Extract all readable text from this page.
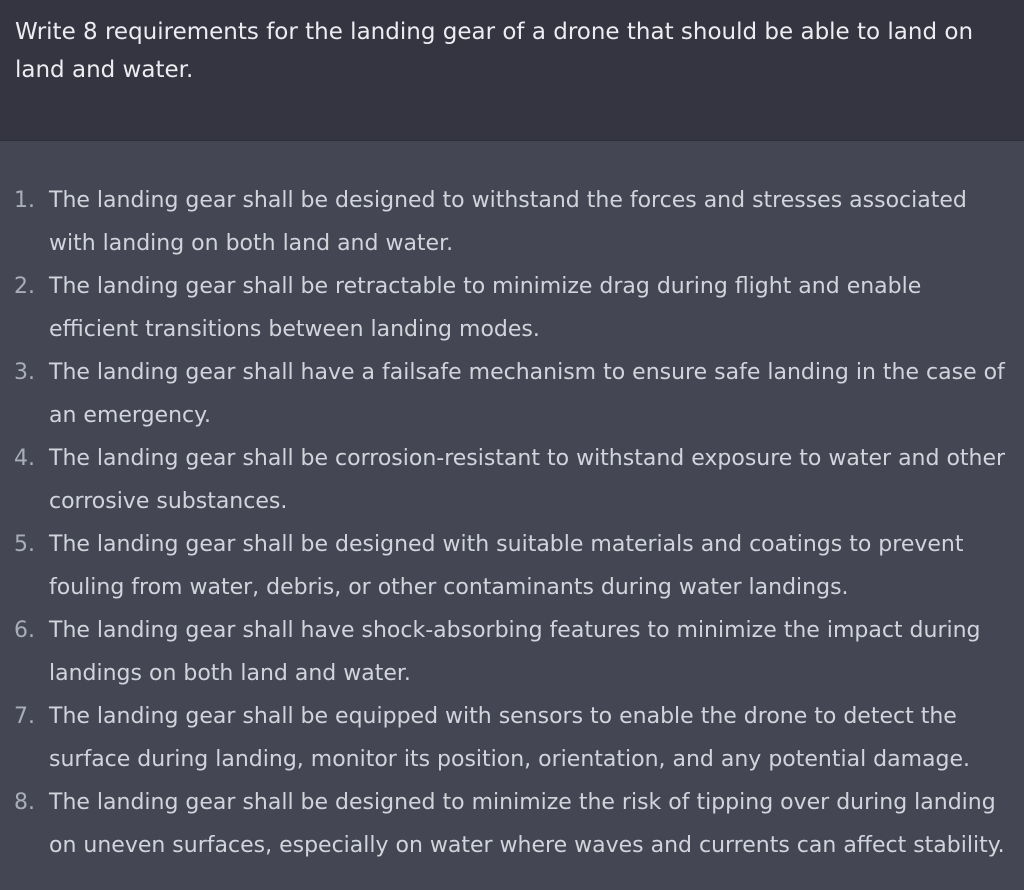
Write 8 requirements for the landing gear of a drone that should be able to land on land and water.

1. The landing gear shall be designed to withstand the forces and stresses associated with landing on both land and water.
2. The landing gear shall be retractable to minimize drag during flight and enable efficient transitions between landing modes.
3. The landing gear shall have a failsafe mechanism to ensure safe landing in the case of an emergency.
4. The landing gear shall be corrosion-resistant to withstand exposure to water and other corrosive substances.
5. The landing gear shall be designed with suitable materials and coatings to prevent fouling from water, debris, or other contaminants during water landings.
6. The landing gear shall have shock-absorbing features to minimize the impact during landings on both land and water.
7. The landing gear shall be equipped with sensors to enable the drone to detect the surface during landing, monitor its position, orientation, and any potential damage.
8. The landing gear shall be designed to minimize the risk of tipping over during landing on uneven surfaces, especially on water where waves and currents can affect stability.
